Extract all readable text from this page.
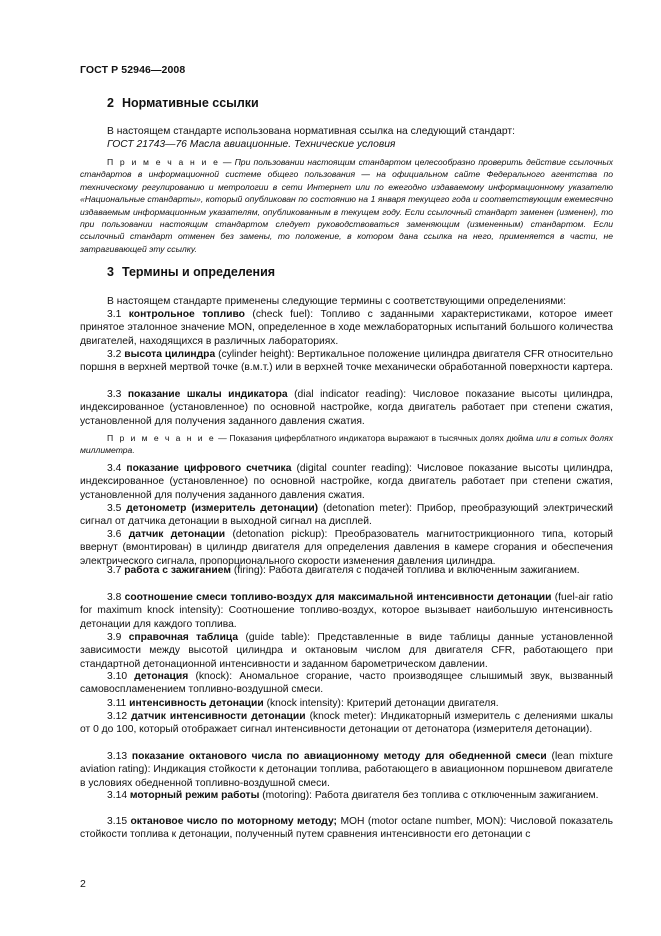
ГОСТ Р 52946—2008
2 Нормативные ссылки
В настоящем стандарте использована нормативная ссылка на следующий стандарт:
ГОСТ 21743—76 Масла авиационные. Технические условия
П р и м е ч а н и е — При пользовании настоящим стандартом целесообразно проверить действие ссылочных стандартов в информационной системе общего пользования — на официальном сайте Федерального агентства по техническому регулированию и метрологии в сети Интернет или по ежегодно издаваемому информационному указателю «Национальные стандарты», который опубликован по состоянию на 1 января текущего года и соответствующим ежемесячно издаваемым информационным указателям, опубликованным в текущем году. Если ссылочный стандарт заменен (изменен), то при пользовании настоящим стандартом следует руководствоваться заменяющим (измененным) стандартом. Если ссылочный стандарт отменен без замены, то положение, в котором дана ссылка на него, применяется в части, не затрагивающей эту ссылку.
3 Термины и определения
В настоящем стандарте применены следующие термины с соответствующими определениями:
3.1 контрольное топливо (check fuel): Топливо с заданными характеристиками, которое имеет принятое эталонное значение MON, определенное в ходе межлабораторных испытаний большого количества двигателей, находящихся в различных лабораториях.
3.2 высота цилиндра (cylinder height): Вертикальное положение цилиндра двигателя CFR относительно поршня в верхней мертвой точке (в.м.т.) или в верхней точке механически обработанной поверхности картера.
3.3 показание шкалы индикатора (dial indicator reading): Числовое показание высоты цилиндра, индексированное (установленное) по основной настройке, когда двигатель работает при степени сжатия, установленной для получения заданного давления сжатия.
П р и м е ч а н и е — Показания циферблатного индикатора выражают в тысячных долях дюйма или в сотых долях миллиметра.
3.4 показание цифрового счетчика (digital counter reading): Числовое показание высоты цилиндра, индексированное (установленное) по основной настройке, когда двигатель работает при степени сжатия, установленной для получения заданного давления сжатия.
3.5 детонометр (измеритель детонации) (detonation meter): Прибор, преобразующий электрический сигнал от датчика детонации в выходной сигнал на дисплей.
3.6 датчик детонации (detonation pickup): Преобразователь магнитострикционного типа, который ввернут (вмонтирован) в цилиндр двигателя для определения давления в камере сгорания и обеспечения электрического сигнала, пропорционального скорости изменения давления цилиндра.
3.7 работа с зажиганием (firing): Работа двигателя с подачей топлива и включенным зажиганием.
3.8 соотношение смеси топливо-воздух для максимальной интенсивности детонации (fuel-air ratio for maximum knock intensity): Соотношение топливо-воздух, которое вызывает наибольшую интенсивность детонации для каждого топлива.
3.9 справочная таблица (guide table): Представленные в виде таблицы данные установленной зависимости между высотой цилиндра и октановым числом для двигателя CFR, работающего при стандартной детонационной интенсивности и заданном барометрическом давлении.
3.10 детонация (knock): Аномальное сгорание, часто производящее слышимый звук, вызванный самовоспламенением топливно-воздушной смеси.
3.11 интенсивность детонации (knock intensity): Критерий детонации двигателя.
3.12 датчик интенсивности детонации (knock meter): Индикаторный измеритель с делениями шкалы от 0 до 100, который отображает сигнал интенсивности детонации от детонатора (измерителя детонации).
3.13 показание октанового числа по авиационному методу для обедненной смеси (lean mixture aviation rating): Индикация стойкости к детонации топлива, работающего в авиационном поршневом двигателе в условиях обедненной топливно-воздушной смеси.
3.14 моторный режим работы (motoring): Работа двигателя без топлива с отключенным зажиганием.
3.15 октановое число по моторному методу; МОН (motor octane number, MON): Числовой показатель стойкости топлива к детонации, полученный путем сравнения интенсивности его детонации с
2
